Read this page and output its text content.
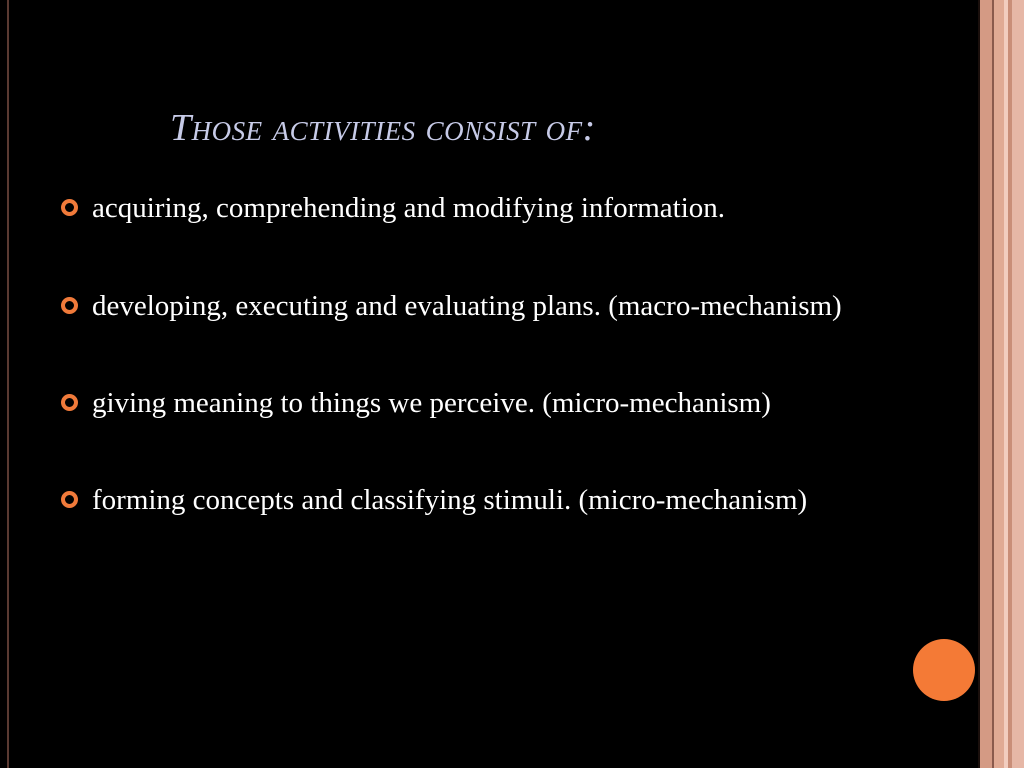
Those activities consist of:
acquiring, comprehending and modifying information.
developing, executing and evaluating plans. (macro-mechanism)
giving meaning to things we perceive. (micro-mechanism)
forming concepts and classifying stimuli. (micro-mechanism)
